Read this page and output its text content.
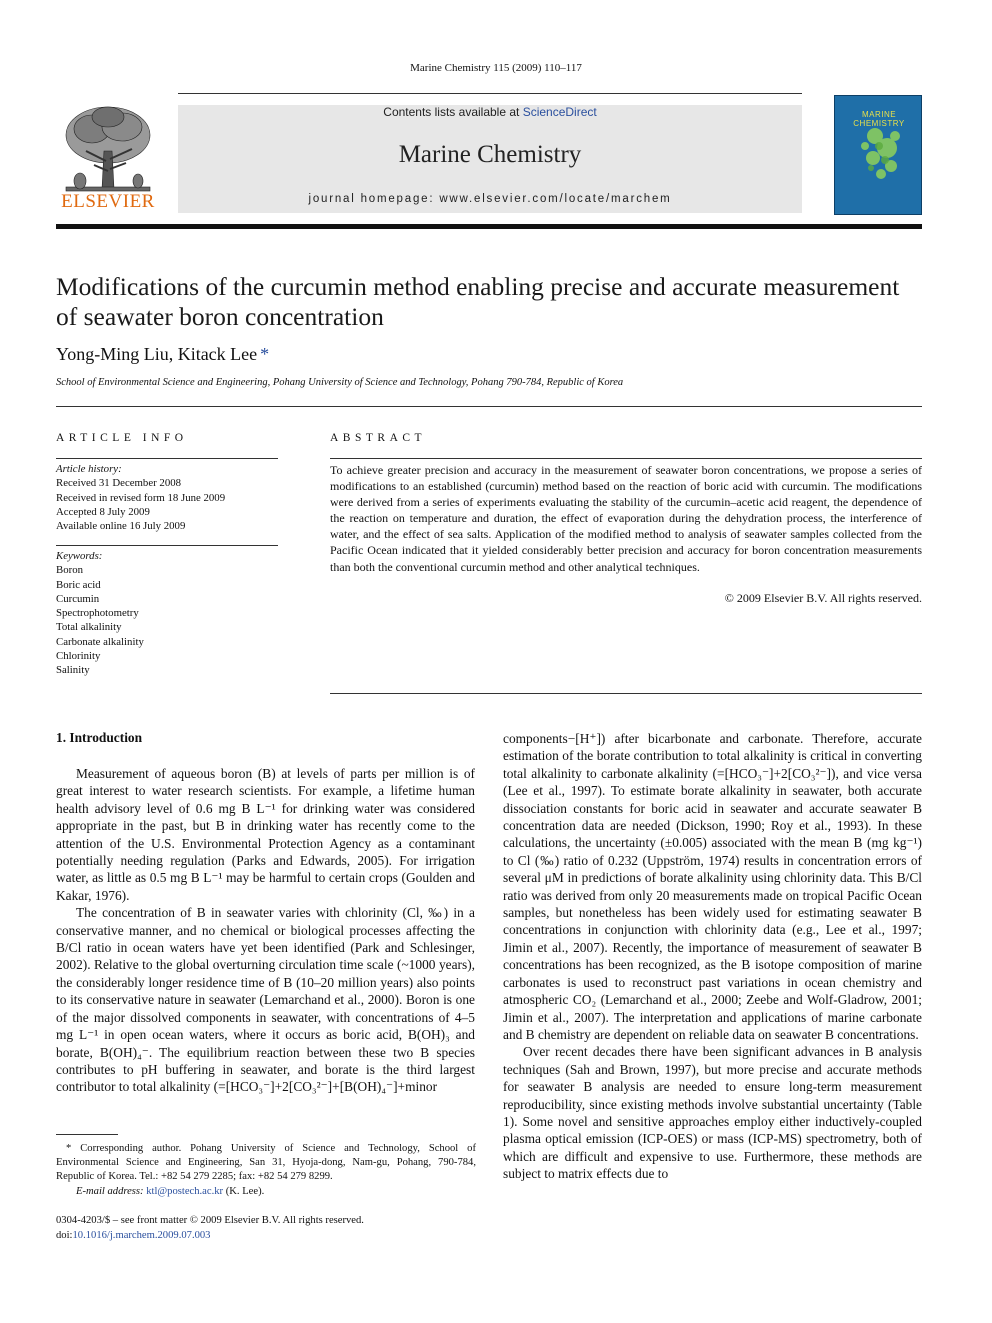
Marine Chemistry 115 (2009) 110–117
ELSEVIER
Contents lists available at ScienceDirect
Marine Chemistry
journal homepage: www.elsevier.com/locate/marchem
MARINE CHEMISTRY
Modifications of the curcumin method enabling precise and accurate measurement of seawater boron concentration
Yong-Ming Liu, Kitack Lee *
School of Environmental Science and Engineering, Pohang University of Science and Technology, Pohang 790-784, Republic of Korea
ARTICLE INFO	ABSTRACT
Article history:
Received 31 December 2008
Received in revised form 18 June 2009
Accepted 8 July 2009
Available online 16 July 2009
Keywords:
Boron
Boric acid
Curcumin
Spectrophotometry
Total alkalinity
Carbonate alkalinity
Chlorinity
Salinity
To achieve greater precision and accuracy in the measurement of seawater boron concentrations, we propose a series of modifications to an established (curcumin) method based on the reaction of boric acid with curcumin. The modifications were derived from a series of experiments evaluating the stability of the curcumin–acetic acid reagent, the dependence of the reaction on temperature and duration, the effect of evaporation during the dehydration process, the interference of water, and the effect of sea salts. Application of the modified method to analysis of seawater samples collected from the Pacific Ocean indicated that it yielded considerably better precision and accuracy for boron concentration measurements than both the conventional curcumin method and other analytical techniques.
© 2009 Elsevier B.V. All rights reserved.
1. Introduction

Measurement of aqueous boron (B) at levels of parts per million is of great interest to water research scientists. For example, a lifetime human health advisory level of 0.6 mg B L⁻¹ for drinking water was considered appropriate in the past, but B in drinking water has recently come to the attention of the U.S. Environmental Protection Agency as a contaminant potentially needing regulation (Parks and Edwards, 2005). For irrigation water, as little as 0.5 mg B L⁻¹ may be harmful to certain crops (Goulden and Kakar, 1976).

The concentration of B in seawater varies with chlorinity (Cl, ‰) in a conservative manner, and no chemical or biological processes affecting the B/Cl ratio in ocean waters have yet been identified (Park and Schlesinger, 2002). Relative to the global overturning circulation time scale (~1000 years), the considerably longer residence time of B (10–20 million years) also points to its conservative nature in seawater (Lemarchand et al., 2000). Boron is one of the major dissolved components in seawater, with concentrations of 4–5 mg L⁻¹ in open ocean waters, where it occurs as boric acid, B(OH)₃ and borate, B(OH)₄⁻. The equilibrium reaction between these two B species contributes to pH buffering in seawater, and borate is the third largest contributor to total alkalinity (=[HCO₃⁻]+2[CO₃²⁻]+[B(OH)₄⁻]+minor

components−[H⁺]) after bicarbonate and carbonate. Therefore, accurate estimation of the borate contribution to total alkalinity is critical in converting total alkalinity to carbonate alkalinity (=[HCO₃⁻]+2[CO₃²⁻]), and vice versa (Lee et al., 1997). To estimate borate alkalinity in seawater, both accurate dissociation constants for boric acid in seawater and accurate seawater B concentration data are needed (Dickson, 1990; Roy et al., 1993). In these calculations, the uncertainty (±0.005) associated with the mean B (mg kg⁻¹) to Cl (‰) ratio of 0.232 (Uppström, 1974) results in concentration errors of several μM in predictions of borate alkalinity using chlorinity data. This B/Cl ratio was derived from only 20 measurements made on tropical Pacific Ocean samples, but nonetheless has been widely used for estimating seawater B concentrations in conjunction with chlorinity data (e.g., Lee et al., 1997; Jimin et al., 2007). Recently, the importance of measurement of seawater B concentrations has been recognized, as the B isotope composition of marine carbonates is used to reconstruct past variations in ocean chemistry and atmospheric CO₂ (Lemarchand et al., 2000; Zeebe and Wolf-Gladrow, 2001; Jimin et al., 2007). The interpretation and applications of marine carbonate and B chemistry are dependent on reliable data on seawater B concentrations.

Over recent decades there have been significant advances in B analysis techniques (Sah and Brown, 1997), but more precise and accurate methods for seawater B analysis are needed to ensure long-term measurement reproducibility, since existing methods involve substantial uncertainty (Table 1). Some novel and sensitive approaches employ either inductively-coupled plasma optical emission (ICP-OES) or mass (ICP-MS) spectrometry, both of which are difficult and expensive to use. Furthermore, these methods are subject to matrix effects due to

* Corresponding author. Pohang University of Science and Technology, School of Environmental Science and Engineering, San 31, Hyoja-dong, Nam-gu, Pohang, 790-784, Republic of Korea. Tel.: +82 54 279 2285; fax: +82 54 279 8299.
E-mail address: ktl@postech.ac.kr (K. Lee).
0304-4203/$ – see front matter © 2009 Elsevier B.V. All rights reserved.
doi:10.1016/j.marchem.2009.07.003
